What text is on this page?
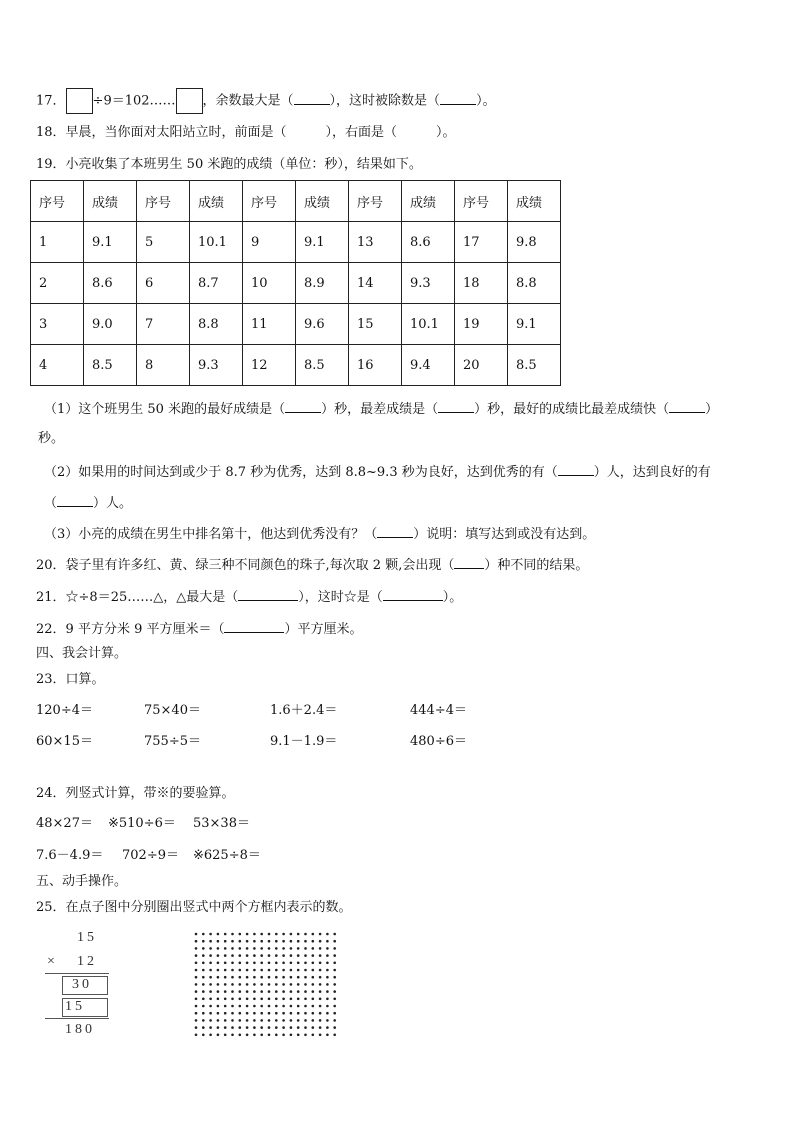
17． ÷9＝102…… ，余数最大是（	），这时被除数是（	）。
18．早晨，当你面对太阳站立时，前面是（　　　），右面是（　　　）。
19．小亮收集了本班男生 50 米跑的成绩（单位：秒），结果如下。
序号	成绩	序号	成绩	序号	成绩	序号	成绩	序号	成绩
1	9.1	5	10.1	9	9.1	13	8.6	17	9.8
2	8.6	6	8.7	10	8.9	14	9.3	18	8.8
3	9.0	7	8.8	11	9.6	15	10.1	19	9.1
4	8.5	8	9.3	12	8.5	16	9.4	20	8.5
（1）这个班男生 50 米跑的最好成绩是（	）秒，最差成绩是（	）秒，最好的成绩比最差成绩快（	）
秒。
（2）如果用的时间达到或少于 8.7 秒为优秀，达到 8.8~9.3 秒为良好，达到优秀的有（	）人，达到良好的有
（	）人。
（3）小亮的成绩在男生中排名第十，他达到优秀没有？（	）说明：填写达到或没有达到。
20．袋子里有许多红、黄、绿三种不同颜色的珠子,每次取 2 颗,会出现（ ）种不同的结果。
21．☆÷8＝25……△，△最大是（	），这时☆是（	）。
22．9 平方分米 9 平方厘米＝（	）平方厘米。
四、我会计算。
23．口算。
120÷4＝	75×40＝	1.6＋2.4＝	444÷4＝
60×15＝	755÷5＝	9.1－1.9＝	480÷6＝
24．列竖式计算，带※的要验算。
48×27＝ ※510÷6＝ 53×38＝
7.6－4.9＝ 702÷9＝ ※625÷8＝
五、动手操作。
25．在点子图中分别圈出竖式中两个方框内表示的数。
15
× 12
30
15
180
